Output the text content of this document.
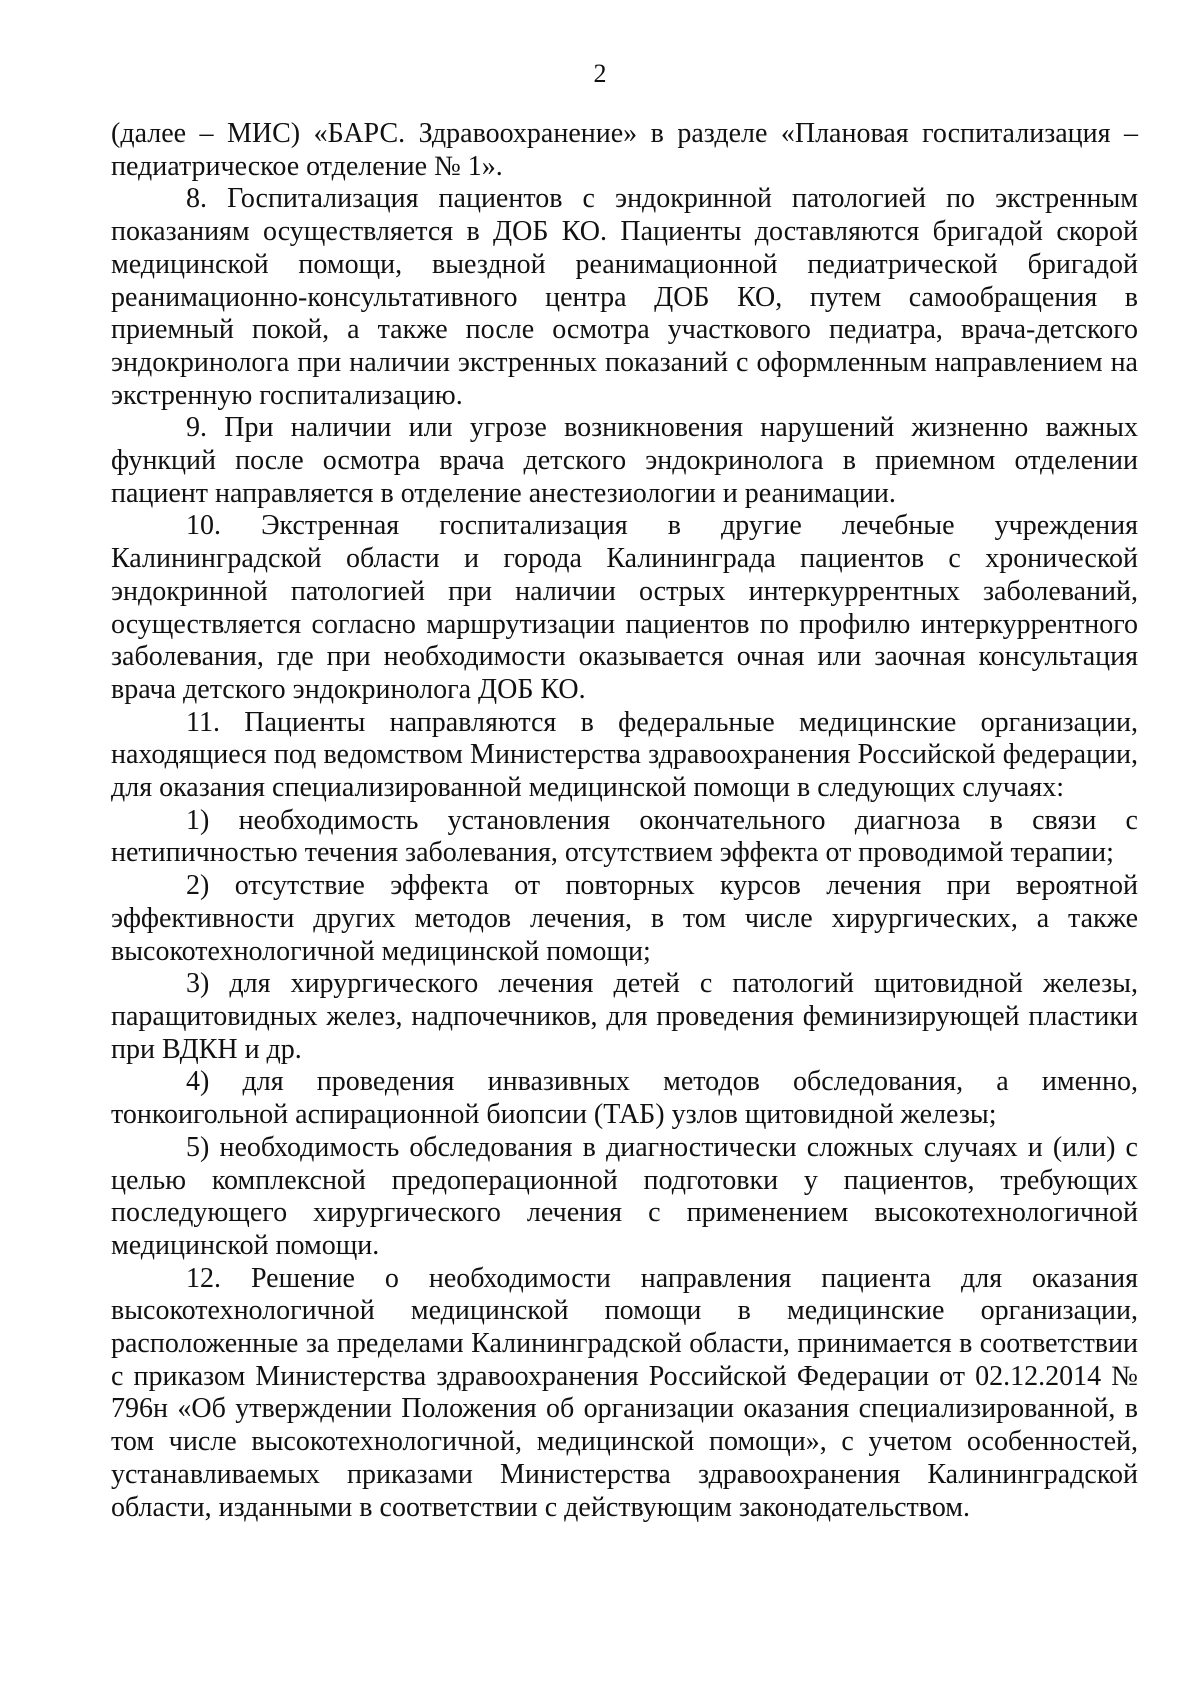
2

(далее – МИС) «БАРС. Здравоохранение» в разделе «Плановая госпитализация – педиатрическое отделение № 1».

8. Госпитализация пациентов с эндокринной патологией по экстренным показаниям осуществляется в ДОБ КО. Пациенты доставляются бригадой скорой медицинской помощи, выездной реанимационной педиатрической бригадой реанимационно-консультативного центра ДОБ КО, путем самообращения в приемный покой, а также после осмотра участкового педиатра, врача-детского эндокринолога при наличии экстренных показаний с оформленным направлением на экстренную госпитализацию.

9. При наличии или угрозе возникновения нарушений жизненно важных функций после осмотра врача детского эндокринолога в приемном отделении пациент направляется в отделение анестезиологии и реанимации.

10. Экстренная госпитализация в другие лечебные учреждения Калининградской области и города Калининграда пациентов с хронической эндокринной патологией при наличии острых интеркуррентных заболеваний, осуществляется согласно маршрутизации пациентов по профилю интеркуррентного заболевания, где при необходимости оказывается очная или заочная консультация врача детского эндокринолога ДОБ КО.

11. Пациенты направляются в федеральные медицинские организации, находящиеся под ведомством Министерства здравоохранения Российской федерации, для оказания специализированной медицинской помощи в следующих случаях:

1) необходимость установления окончательного диагноза в связи с нетипичностью течения заболевания, отсутствием эффекта от проводимой терапии;

2) отсутствие эффекта от повторных курсов лечения при вероятной эффективности других методов лечения, в том числе хирургических, а также высокотехнологичной медицинской помощи;

3) для хирургического лечения детей с патологий щитовидной железы, паращитовидных желез, надпочечников, для проведения феминизирующей пластики при ВДКН и др.

4) для проведения инвазивных методов обследования, а именно, тонкоигольной аспирационной биопсии (ТАБ) узлов щитовидной железы;

5) необходимость обследования в диагностически сложных случаях и (или) с целью комплексной предоперационной подготовки у пациентов, требующих последующего хирургического лечения с применением высокотехнологичной медицинской помощи.

12. Решение о необходимости направления пациента для оказания высокотехнологичной медицинской помощи в медицинские организации, расположенные за пределами Калининградской области, принимается в соответствии с приказом Министерства здравоохранения Российской Федерации от 02.12.2014 № 796н «Об утверждении Положения об организации оказания специализированной, в том числе высокотехнологичной, медицинской помощи», с учетом особенностей, устанавливаемых приказами Министерства здравоохранения Калининградской области, изданными в соответствии с действующим законодательством.
